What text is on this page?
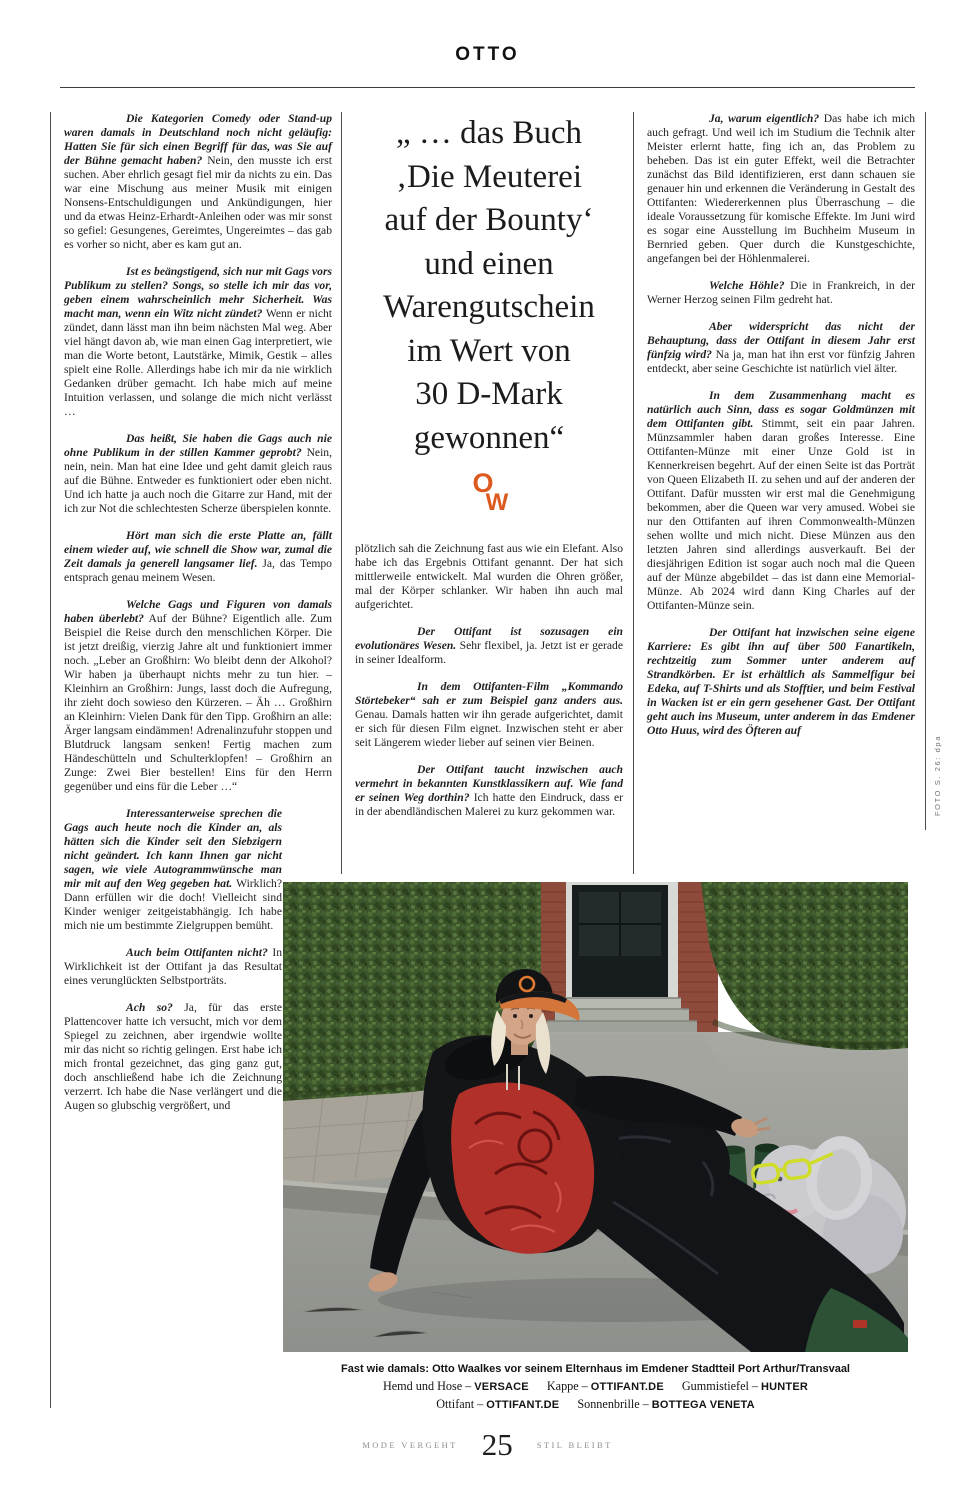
OTTO

Die Kategorien Comedy oder Stand-up waren damals in Deutschland noch nicht geläufig: Hatten Sie für sich einen Begriff für das, was Sie auf der Bühne gemacht haben? Nein, den musste ich erst suchen. Aber ehrlich gesagt fiel mir da nichts zu ein. Das war eine Mischung aus meiner Musik mit einigen Nonsens-Entschuldigungen und Ankündigungen, hier und da etwas Heinz-Erhardt-Anleihen oder was mir sonst so gefiel: Gesungenes, Gereimtes, Ungereimtes – das gab es vorher so nicht, aber es kam gut an.

Ist es beängstigend, sich nur mit Gags vors Publikum zu stellen? Songs, so stelle ich mir das vor, geben einem wahrscheinlich mehr Sicherheit. Was macht man, wenn ein Witz nicht zündet? Wenn er nicht zündet, dann lässt man ihn beim nächsten Mal weg. Aber viel hängt davon ab, wie man einen Gag interpretiert, wie man die Worte betont, Lautstärke, Mimik, Gestik – alles spielt eine Rolle. Allerdings habe ich mir da nie wirklich Gedanken drüber gemacht. Ich habe mich auf meine Intuition verlassen, und solange die mich nicht verlässt …

Das heißt, Sie haben die Gags auch nie ohne Publikum in der stillen Kammer geprobt? Nein, nein, nein. Man hat eine Idee und geht damit gleich raus auf die Bühne. Entweder es funktioniert oder eben nicht. Und ich hatte ja auch noch die Gitarre zur Hand, mit der ich zur Not die schlechtesten Scherze überspielen konnte.

Hört man sich die erste Platte an, fällt einem wieder auf, wie schnell die Show war, zumal die Zeit damals ja generell langsamer lief. Ja, das Tempo entsprach genau meinem Wesen.

Welche Gags und Figuren von damals haben überlebt? Auf der Bühne? Eigentlich alle. Zum Beispiel die Reise durch den menschlichen Körper. Die ist jetzt dreißig, vierzig Jahre alt und funktioniert immer noch. „Leber an Großhirn: Wo bleibt denn der Alkohol? Wir haben ja überhaupt nichts mehr zu tun hier. – Kleinhirn an Großhirn: Jungs, lasst doch die Aufregung, ihr zieht doch sowieso den Kürzeren. – Äh … Großhirn an Kleinhirn: Vielen Dank für den Tipp. Großhirn an alle: Ärger langsam eindämmen! Adrenalinzufuhr stoppen und Blutdruck langsam senken! Fertig machen zum Händeschütteln und Schulterklopfen! – Großhirn an Zunge: Zwei Bier bestellen! Eins für den Herrn gegenüber und eins für die Leber …“

Interessanterweise sprechen die Gags auch heute noch die Kinder an, als hätten sich die Kinder seit den Siebzigern nicht geändert. Ich kann Ihnen gar nicht sagen, wie viele Autogrammwünsche man mir mit auf den Weg gegeben hat. Wirklich? Dann erfüllen wir die doch! Vielleicht sind Kinder weniger zeitgeistabhängig. Ich habe mich nie um bestimmte Zielgruppen bemüht.

Auch beim Ottifanten nicht? In Wirklichkeit ist der Ottifant ja das Resultat eines verunglückten Selbstporträts.

Ach so? Ja, für das erste Plattencover hatte ich versucht, mich vor dem Spiegel zu zeichnen, aber irgendwie wollte mir das nicht so richtig gelingen. Erst habe ich mich frontal gezeichnet, das ging ganz gut, doch anschließend habe ich die Zeichnung verzerrt. Ich habe die Nase verlängert und die Augen so glubschig vergrößert, und

„ … das Buch
‚Die Meuterei
auf der Bounty‘
und einen
Warengutschein
im Wert von
30 D-Mark
gewonnen“
O
W

plötzlich sah die Zeichnung fast aus wie ein Elefant. Also habe ich das Ergebnis Ottifant genannt. Der hat sich mittlerweile entwickelt. Mal wurden die Ohren größer, mal der Körper schlanker. Wir haben ihn auch mal aufgerichtet.

Der Ottifant ist sozusagen ein evolutionäres Wesen. Sehr flexibel, ja. Jetzt ist er gerade in seiner Idealform.

In dem Ottifanten-Film „Kommando Störtebeker“ sah er zum Beispiel ganz anders aus. Genau. Damals hatten wir ihn gerade aufgerichtet, damit er sich für diesen Film eignet. Inzwischen steht er aber seit Längerem wieder lieber auf seinen vier Beinen.

Der Ottifant taucht inzwischen auch vermehrt in bekannten Kunstklassikern auf. Wie fand er seinen Weg dorthin? Ich hatte den Eindruck, dass er in der abendländischen Malerei zu kurz gekommen war.

Ja, warum eigentlich? Das habe ich mich auch gefragt. Und weil ich im Studium die Technik alter Meister erlernt hatte, fing ich an, das Problem zu beheben. Das ist ein guter Effekt, weil die Betrachter zunächst das Bild identifizieren, erst dann schauen sie genauer hin und erkennen die Veränderung in Gestalt des Ottifanten: Wiedererkennen plus Überraschung – die ideale Voraussetzung für komische Effekte. Im Juni wird es sogar eine Ausstellung im Buchheim Museum in Bernried geben. Quer durch die Kunstgeschichte, angefangen bei der Höhlenmalerei.

Welche Höhle? Die in Frankreich, in der Werner Herzog seinen Film gedreht hat.

Aber widerspricht das nicht der Behauptung, dass der Ottifant in diesem Jahr erst fünfzig wird? Na ja, man hat ihn erst vor fünfzig Jahren entdeckt, aber seine Geschichte ist natürlich viel älter.

In dem Zusammenhang macht es natürlich auch Sinn, dass es sogar Goldmünzen mit dem Ottifanten gibt. Stimmt, seit ein paar Jahren. Münzsammler haben daran großes Interesse. Eine Ottifanten-Münze mit einer Unze Gold ist in Kennerkreisen begehrt. Auf der einen Seite ist das Porträt von Queen Elizabeth II. zu sehen und auf der anderen der Ottifant. Dafür mussten wir erst mal die Genehmigung bekommen, aber die Queen war very amused. Wobei sie nur den Ottifanten auf ihren Commonwealth-Münzen sehen wollte und mich nicht. Diese Münzen aus den letzten Jahren sind allerdings ausverkauft. Bei der diesjährigen Edition ist sogar auch noch mal die Queen auf der Münze abgebildet – das ist dann eine Memorial-Münze. Ab 2024 wird dann King Charles auf der Ottifanten-Münze sein.

Der Ottifant hat inzwischen seine eigene Karriere: Es gibt ihn auf über 500 Fanartikeln, rechtzeitig zum Sommer unter anderem auf Strandkörben. Er ist erhältlich als Sammelfigur bei Edeka, auf T-Shirts und als Stofftier, und beim Festival in Wacken ist er ein gern gesehener Gast. Der Ottifant geht auch ins Museum, unter anderem in das Emdener Otto Huus, wird des Öfteren auf

FOTO S. 26: dpa
Fast wie damals: Otto Waalkes vor seinem Elternhaus im Emdener Stadtteil Port Arthur/Transvaal
Hemd und Hose – VERSACE Kappe – OTTIFANT.DE Gummistiefel – HUNTER
Ottifant – OTTIFANT.DE Sonnenbrille – BOTTEGA VENETA
MODE VERGEHT 25	STIL BLEIBT
